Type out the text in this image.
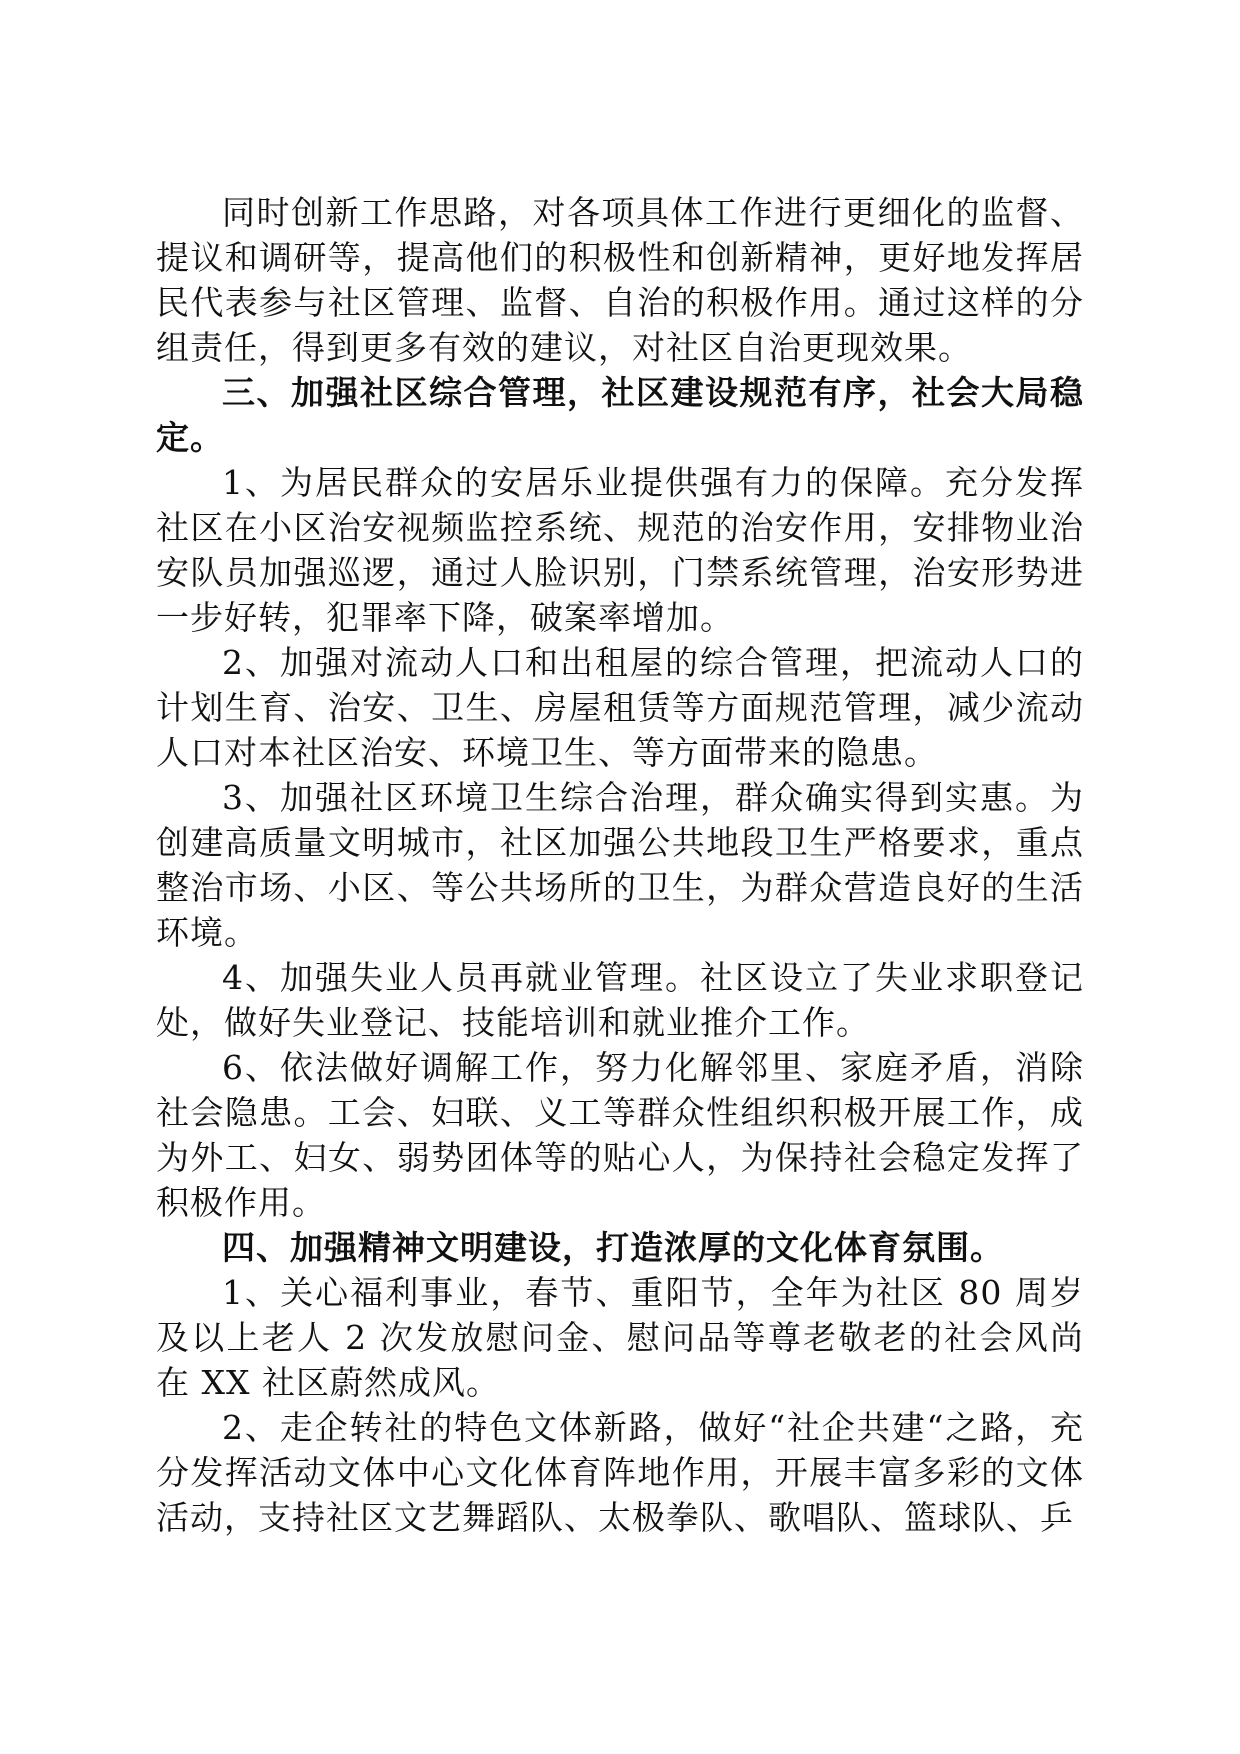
同时创新工作思路，对各项具体工作进行更细化的监督、提议和调研等，提高他们的积极性和创新精神，更好地发挥居民代表参与社区管理、监督、自治的积极作用。通过这样的分组责任，得到更多有效的建议，对社区自治更现效果。

三、加强社区综合管理，社区建设规范有序，社会大局稳定。

1、为居民群众的安居乐业提供强有力的保障。充分发挥社区在小区治安视频监控系统、规范的治安作用，安排物业治安队员加强巡逻，通过人脸识别，门禁系统管理，治安形势进一步好转，犯罪率下降，破案率增加。

2、加强对流动人口和出租屋的综合管理，把流动人口的计划生育、治安、卫生、房屋租赁等方面规范管理，减少流动人口对本社区治安、环境卫生、等方面带来的隐患。

3、加强社区环境卫生综合治理，群众确实得到实惠。为创建高质量文明城市，社区加强公共地段卫生严格要求，重点整治市场、小区、等公共场所的卫生，为群众营造良好的生活环境。

4、加强失业人员再就业管理。社区设立了失业求职登记处，做好失业登记、技能培训和就业推介工作。

6、依法做好调解工作，努力化解邻里、家庭矛盾，消除社会隐患。工会、妇联、义工等群众性组织积极开展工作，成为外工、妇女、弱势团体等的贴心人，为保持社会稳定发挥了积极作用。

四、加强精神文明建设，打造浓厚的文化体育氛围。

1、关心福利事业，春节、重阳节，全年为社区 80 周岁及以上老人 2 次发放慰问金、慰问品等尊老敬老的社会风尚在 XX 社区蔚然成风。

2、走企转社的特色文体新路，做好“社企共建“之路，充分发挥活动文体中心文化体育阵地作用，开展丰富多彩的文体活动，支持社区文艺舞蹈队、太极拳队、歌唱队、篮球队、乒
